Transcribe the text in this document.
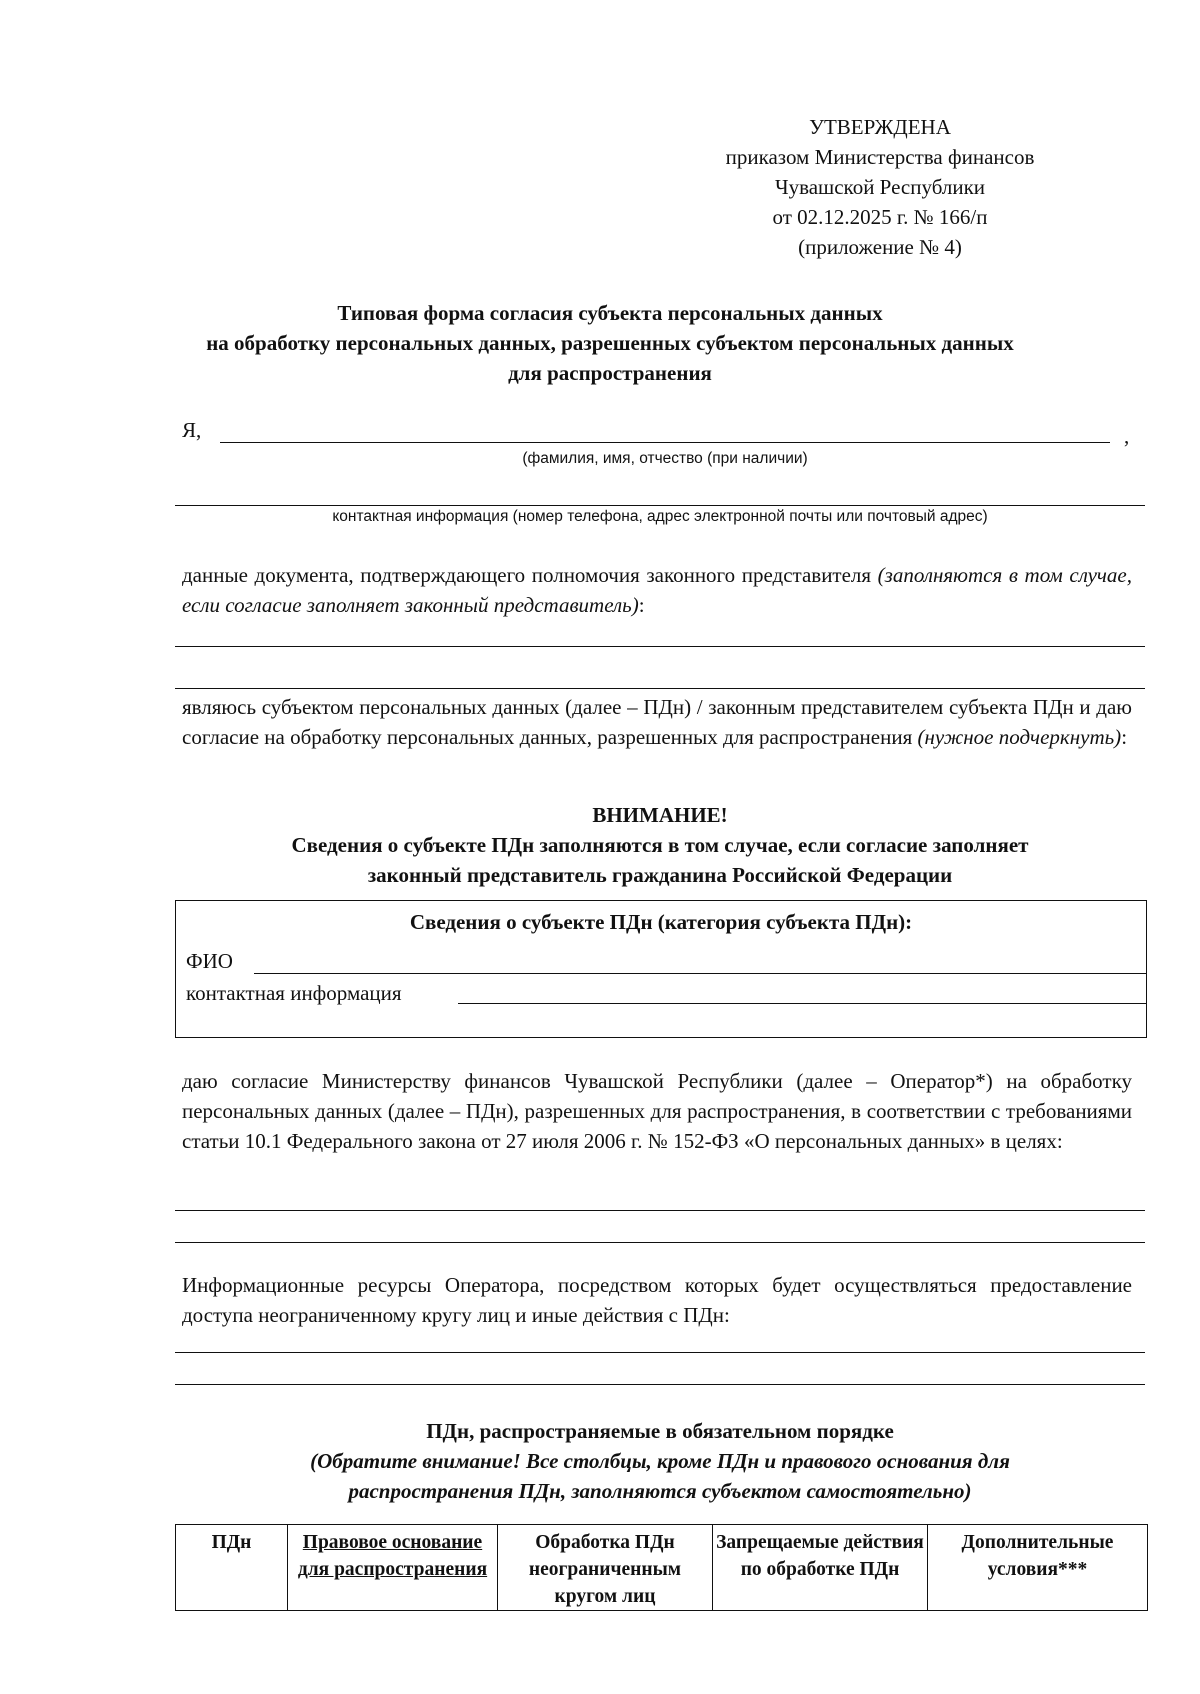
УТВЕРЖДЕНА
приказом Министерства финансов
Чувашской Республики
от 02.12.2025 г. № 166/п
(приложение № 4)
Типовая форма согласия субъекта персональных данных
на обработку персональных данных, разрешенных субъектом персональных данных
для распространения
Я,	,
(фамилия, имя, отчество (при наличии)
контактная информация (номер телефона, адрес электронной почты или почтовый адрес)
данные документа, подтверждающего полномочия законного представителя (заполняются в том случае, если согласие заполняет законный представитель):
являюсь субъектом персональных данных (далее – ПДн) / законным представителем субъекта ПДн и даю согласие на обработку персональных данных, разрешенных для распространения (нужное подчеркнуть):
ВНИМАНИЕ!
Сведения о субъекте ПДн заполняются в том случае, если согласие заполняет
законный представитель гражданина Российской Федерации
Сведения о субъекте ПДн (категория субъекта ПДн):
ФИО
контактная информация
даю согласие Министерству финансов Чувашской Республики (далее – Оператор*) на обработку персональных данных (далее – ПДн), разрешенных для распространения, в соответствии с требованиями статьи 10.1 Федерального закона от 27 июля 2006 г. № 152-ФЗ «О персональных данных» в целях:
Информационные ресурсы Оператора, посредством которых будет осуществляться предоставление доступа неограниченному кругу лиц и иные действия с ПДн:
ПДн, распространяемые в обязательном порядке
(Обратите внимание! Все столбцы, кроме ПДн и правового основания для
распространения ПДн, заполняются субъектом самостоятельно)
ПДн	Правовое основание для распространения	Обработка ПДн неограниченным кругом лиц	Запрещаемые действия по обработке ПДн	Дополнительные условия***
